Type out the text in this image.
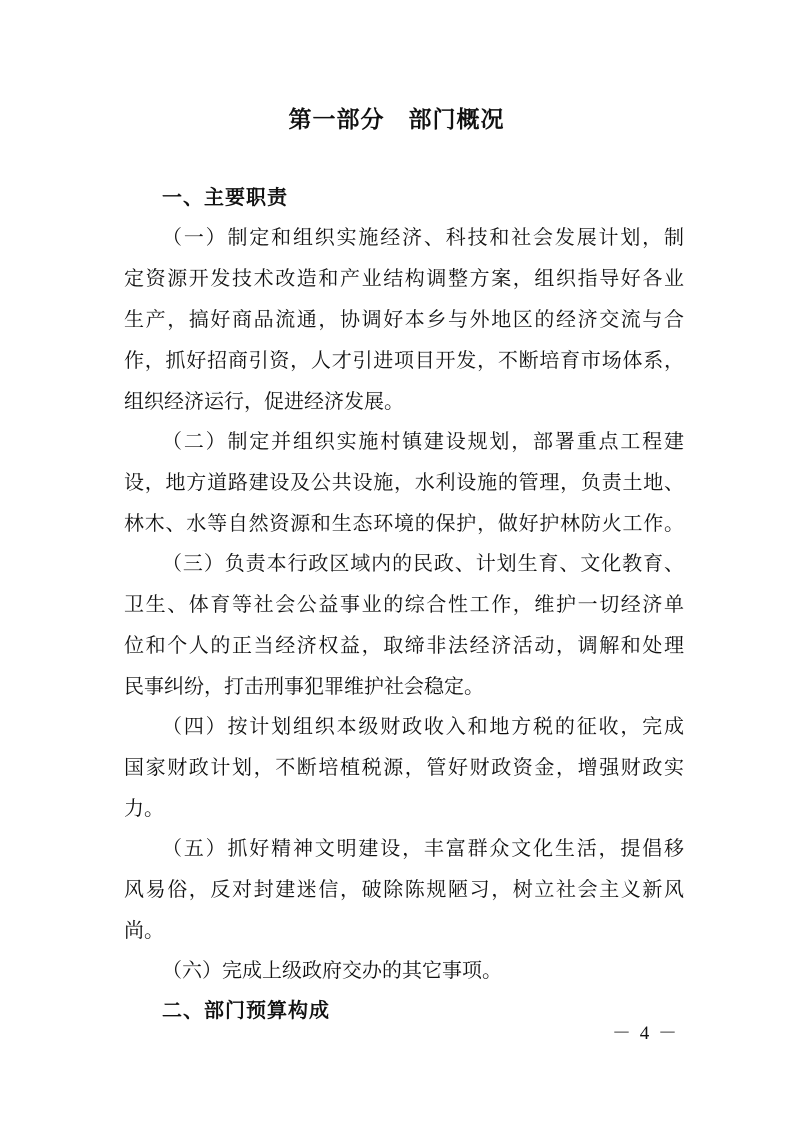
第一部分　部门概况
一、主要职责
（一）制定和组织实施经济、科技和社会发展计划，制
定资源开发技术改造和产业结构调整方案，组织指导好各业
生产，搞好商品流通，协调好本乡与外地区的经济交流与合
作，抓好招商引资，人才引进项目开发，不断培育市场体系，
组织经济运行，促进经济发展。
（二）制定并组织实施村镇建设规划，部署重点工程建
设，地方道路建设及公共设施，水利设施的管理，负责土地、
林木、水等自然资源和生态环境的保护，做好护林防火工作。
（三）负责本行政区域内的民政、计划生育、文化教育、
卫生、体育等社会公益事业的综合性工作，维护一切经济单
位和个人的正当经济权益，取缔非法经济活动，调解和处理
民事纠纷，打击刑事犯罪维护社会稳定。
（四）按计划组织本级财政收入和地方税的征收，完成
国家财政计划，不断培植税源，管好财政资金，增强财政实
力。
（五）抓好精神文明建设，丰富群众文化生活，提倡移
风易俗，反对封建迷信，破除陈规陋习，树立社会主义新风
尚。
（六）完成上级政府交办的其它事项。
二、部门预算构成
－ 4 －
